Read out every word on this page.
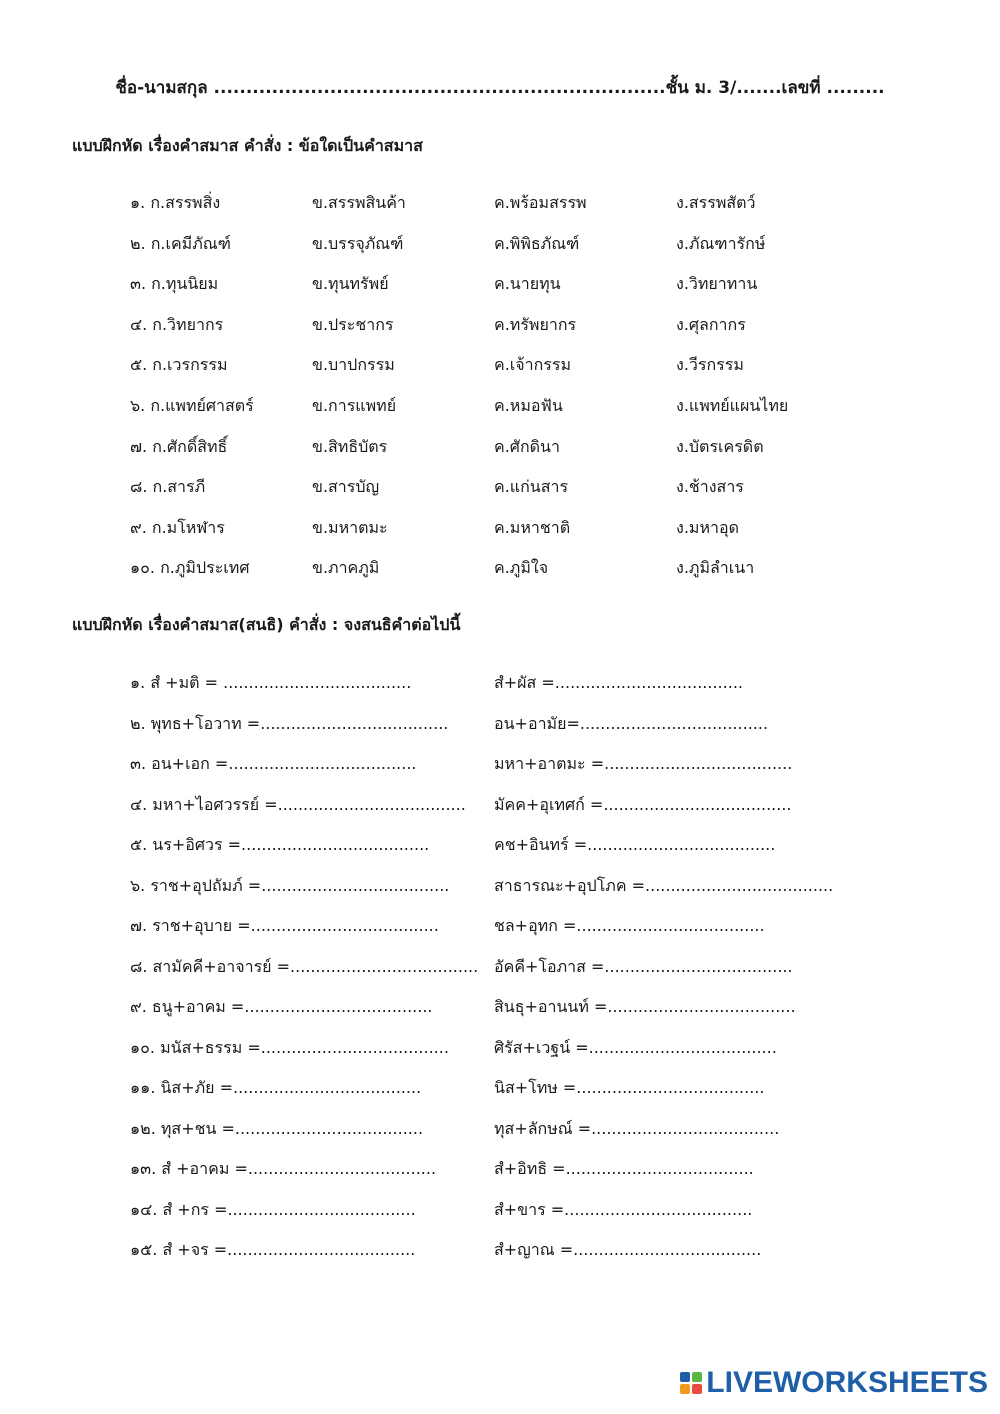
ชื่อ-นามสกุล ......................................................................ชั้น ม. 3/.......เลขที่ .........
แบบฝึกหัด เรื่องคำสมาส คำสั่ง : ข้อใดเป็นคำสมาส
๑. ก.สรรพสิ่ง	ข.สรรพสินค้า	ค.พร้อมสรรพ	ง.สรรพสัตว์
๒. ก.เคมีภัณฑ์	ข.บรรจุภัณฑ์	ค.พิพิธภัณฑ์	ง.ภัณฑารักษ์
๓. ก.ทุนนิยม	ข.ทุนทรัพย์	ค.นายทุน	ง.วิทยาทาน
๔. ก.วิทยากร	ข.ประชากร	ค.ทรัพยากร	ง.ศุลกากร
๕. ก.เวรกรรม	ข.บาปกรรม	ค.เจ้ากรรม	ง.วีรกรรม
๖. ก.แพทย์ศาสตร์	ข.การแพทย์	ค.หมอฟัน	ง.แพทย์แผนไทย
๗. ก.ศักดิ์สิทธิ์	ข.สิทธิบัตร	ค.ศักดินา	ง.บัตรเครดิต
๘. ก.สารภี	ข.สารบัญ	ค.แก่นสาร	ง.ช้างสาร
๙. ก.มโหฬาร	ข.มหาตมะ	ค.มหาชาติ	ง.มหาอุด
๑๐. ก.ภูมิประเทศ	ข.ภาคภูมิ	ค.ภูมิใจ	ง.ภูมิลำเนา
แบบฝึกหัด เรื่องคำสมาส(สนธิ) คำสั่ง : จงสนธิคำต่อไปนี้
๑. สํ +มติ = .....................................	สํ+ผัส =.....................................
๒. พุทธ+โอวาท =.....................................	อน+อามัย=.....................................
๓. อน+เอก =.....................................	มหา+อาตมะ =.....................................
๔. มหา+ไอศวรรย์ =.....................................	มัคค+อุเทศก์ =.....................................
๕. นร+อิศวร =.....................................	คช+อินทร์ =.....................................
๖. ราช+อุปถัมภ์ =.....................................	สาธารณะ+อุปโภค =.....................................
๗. ราช+อุบาย =.....................................	ชล+อุทก =.....................................
๘. สามัคคี+อาจารย์ =..................................... อัคคี+โอภาส =.....................................
๙. ธนู+อาคม =.....................................	สินธุ+อานนท์ =.....................................
๑๐. มนัส+ธรรม =.....................................	ศิรัส+เวฐน์ =.....................................
๑๑. นิส+ภัย =.....................................	นิส+โทษ =.....................................
๑๒. ทุส+ชน =.....................................	ทุส+ลักษณ์ =.....................................
๑๓. สํ +อาคม =.....................................	สํ+อิทธิ =.....................................
๑๔. สํ +กร =.....................................	สํ+ขาร =.....................................
๑๕. สํ +จร =.....................................	สํ+ญาณ =.....................................
LIVEWORKSHEETS
